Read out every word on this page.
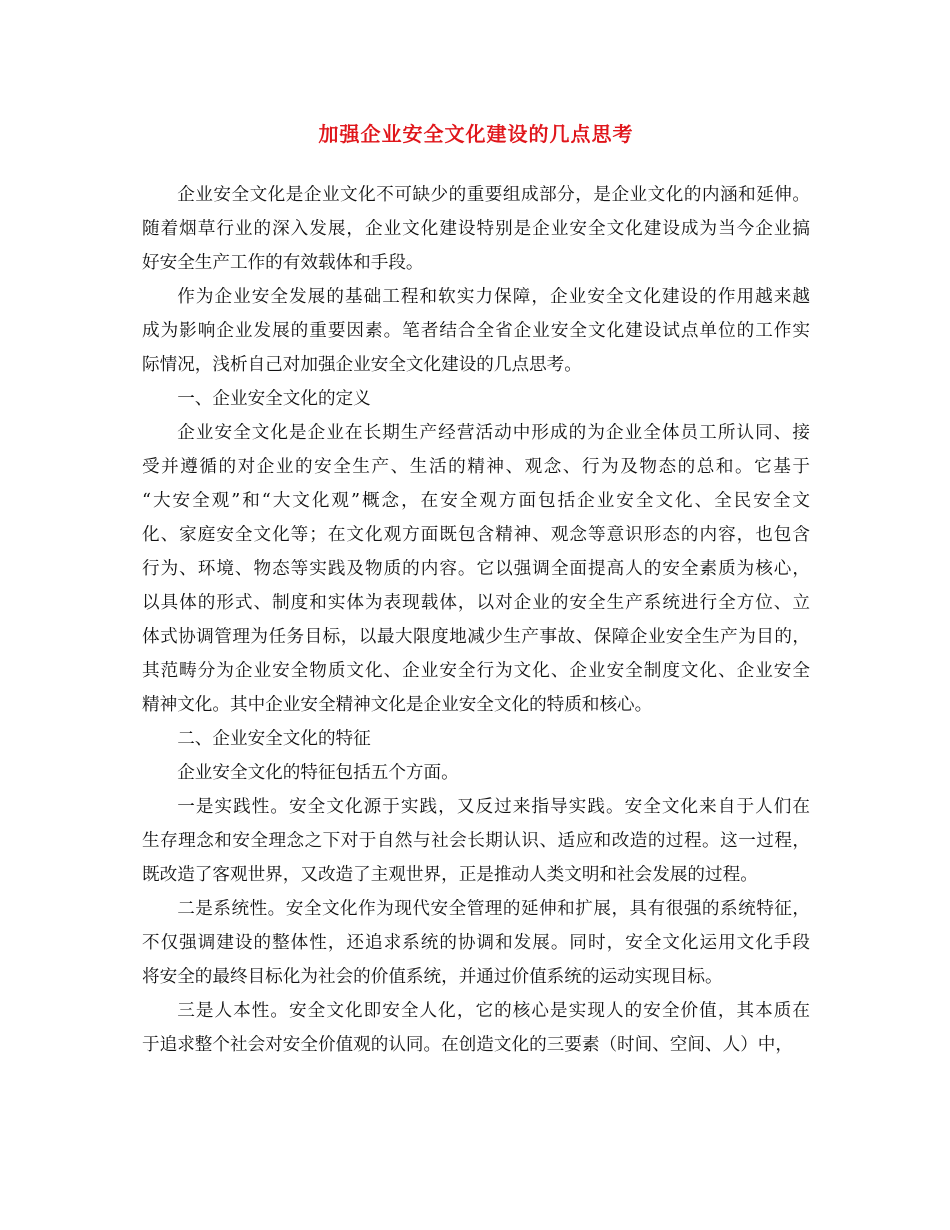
加强企业安全文化建设的几点思考

企业安全文化是企业文化不可缺少的重要组成部分，是企业文化的内涵和延伸。
随着烟草行业的深入发展，企业文化建设特别是企业安全文化建设成为当今企业搞
好安全生产工作的有效载体和手段。

作为企业安全发展的基础工程和软实力保障，企业安全文化建设的作用越来越
成为影响企业发展的重要因素。笔者结合全省企业安全文化建设试点单位的工作实
际情况，浅析自己对加强企业安全文化建设的几点思考。

一、企业安全文化的定义

企业安全文化是企业在长期生产经营活动中形成的为企业全体员工所认同、接
受并遵循的对企业的安全生产、生活的精神、观念、行为及物态的总和。它基于
“大安全观”和“大文化观”概念，在安全观方面包括企业安全文化、全民安全文
化、家庭安全文化等；在文化观方面既包含精神、观念等意识形态的内容，也包含
行为、环境、物态等实践及物质的内容。它以强调全面提高人的安全素质为核心，
以具体的形式、制度和实体为表现载体，以对企业的安全生产系统进行全方位、立
体式协调管理为任务目标，以最大限度地减少生产事故、保障企业安全生产为目的，
其范畴分为企业安全物质文化、企业安全行为文化、企业安全制度文化、企业安全
精神文化。其中企业安全精神文化是企业安全文化的特质和核心。

二、企业安全文化的特征

企业安全文化的特征包括五个方面。

一是实践性。安全文化源于实践，又反过来指导实践。安全文化来自于人们在
生存理念和安全理念之下对于自然与社会长期认识、适应和改造的过程。这一过程，
既改造了客观世界，又改造了主观世界，正是推动人类文明和社会发展的过程。

二是系统性。安全文化作为现代安全管理的延伸和扩展，具有很强的系统特征，
不仅强调建设的整体性，还追求系统的协调和发展。同时，安全文化运用文化手段
将安全的最终目标化为社会的价值系统，并通过价值系统的运动实现目标。

三是人本性。安全文化即安全人化，它的核心是实现人的安全价值，其本质在
于追求整个社会对安全价值观的认同。在创造文化的三要素（时间、空间、人）中，
